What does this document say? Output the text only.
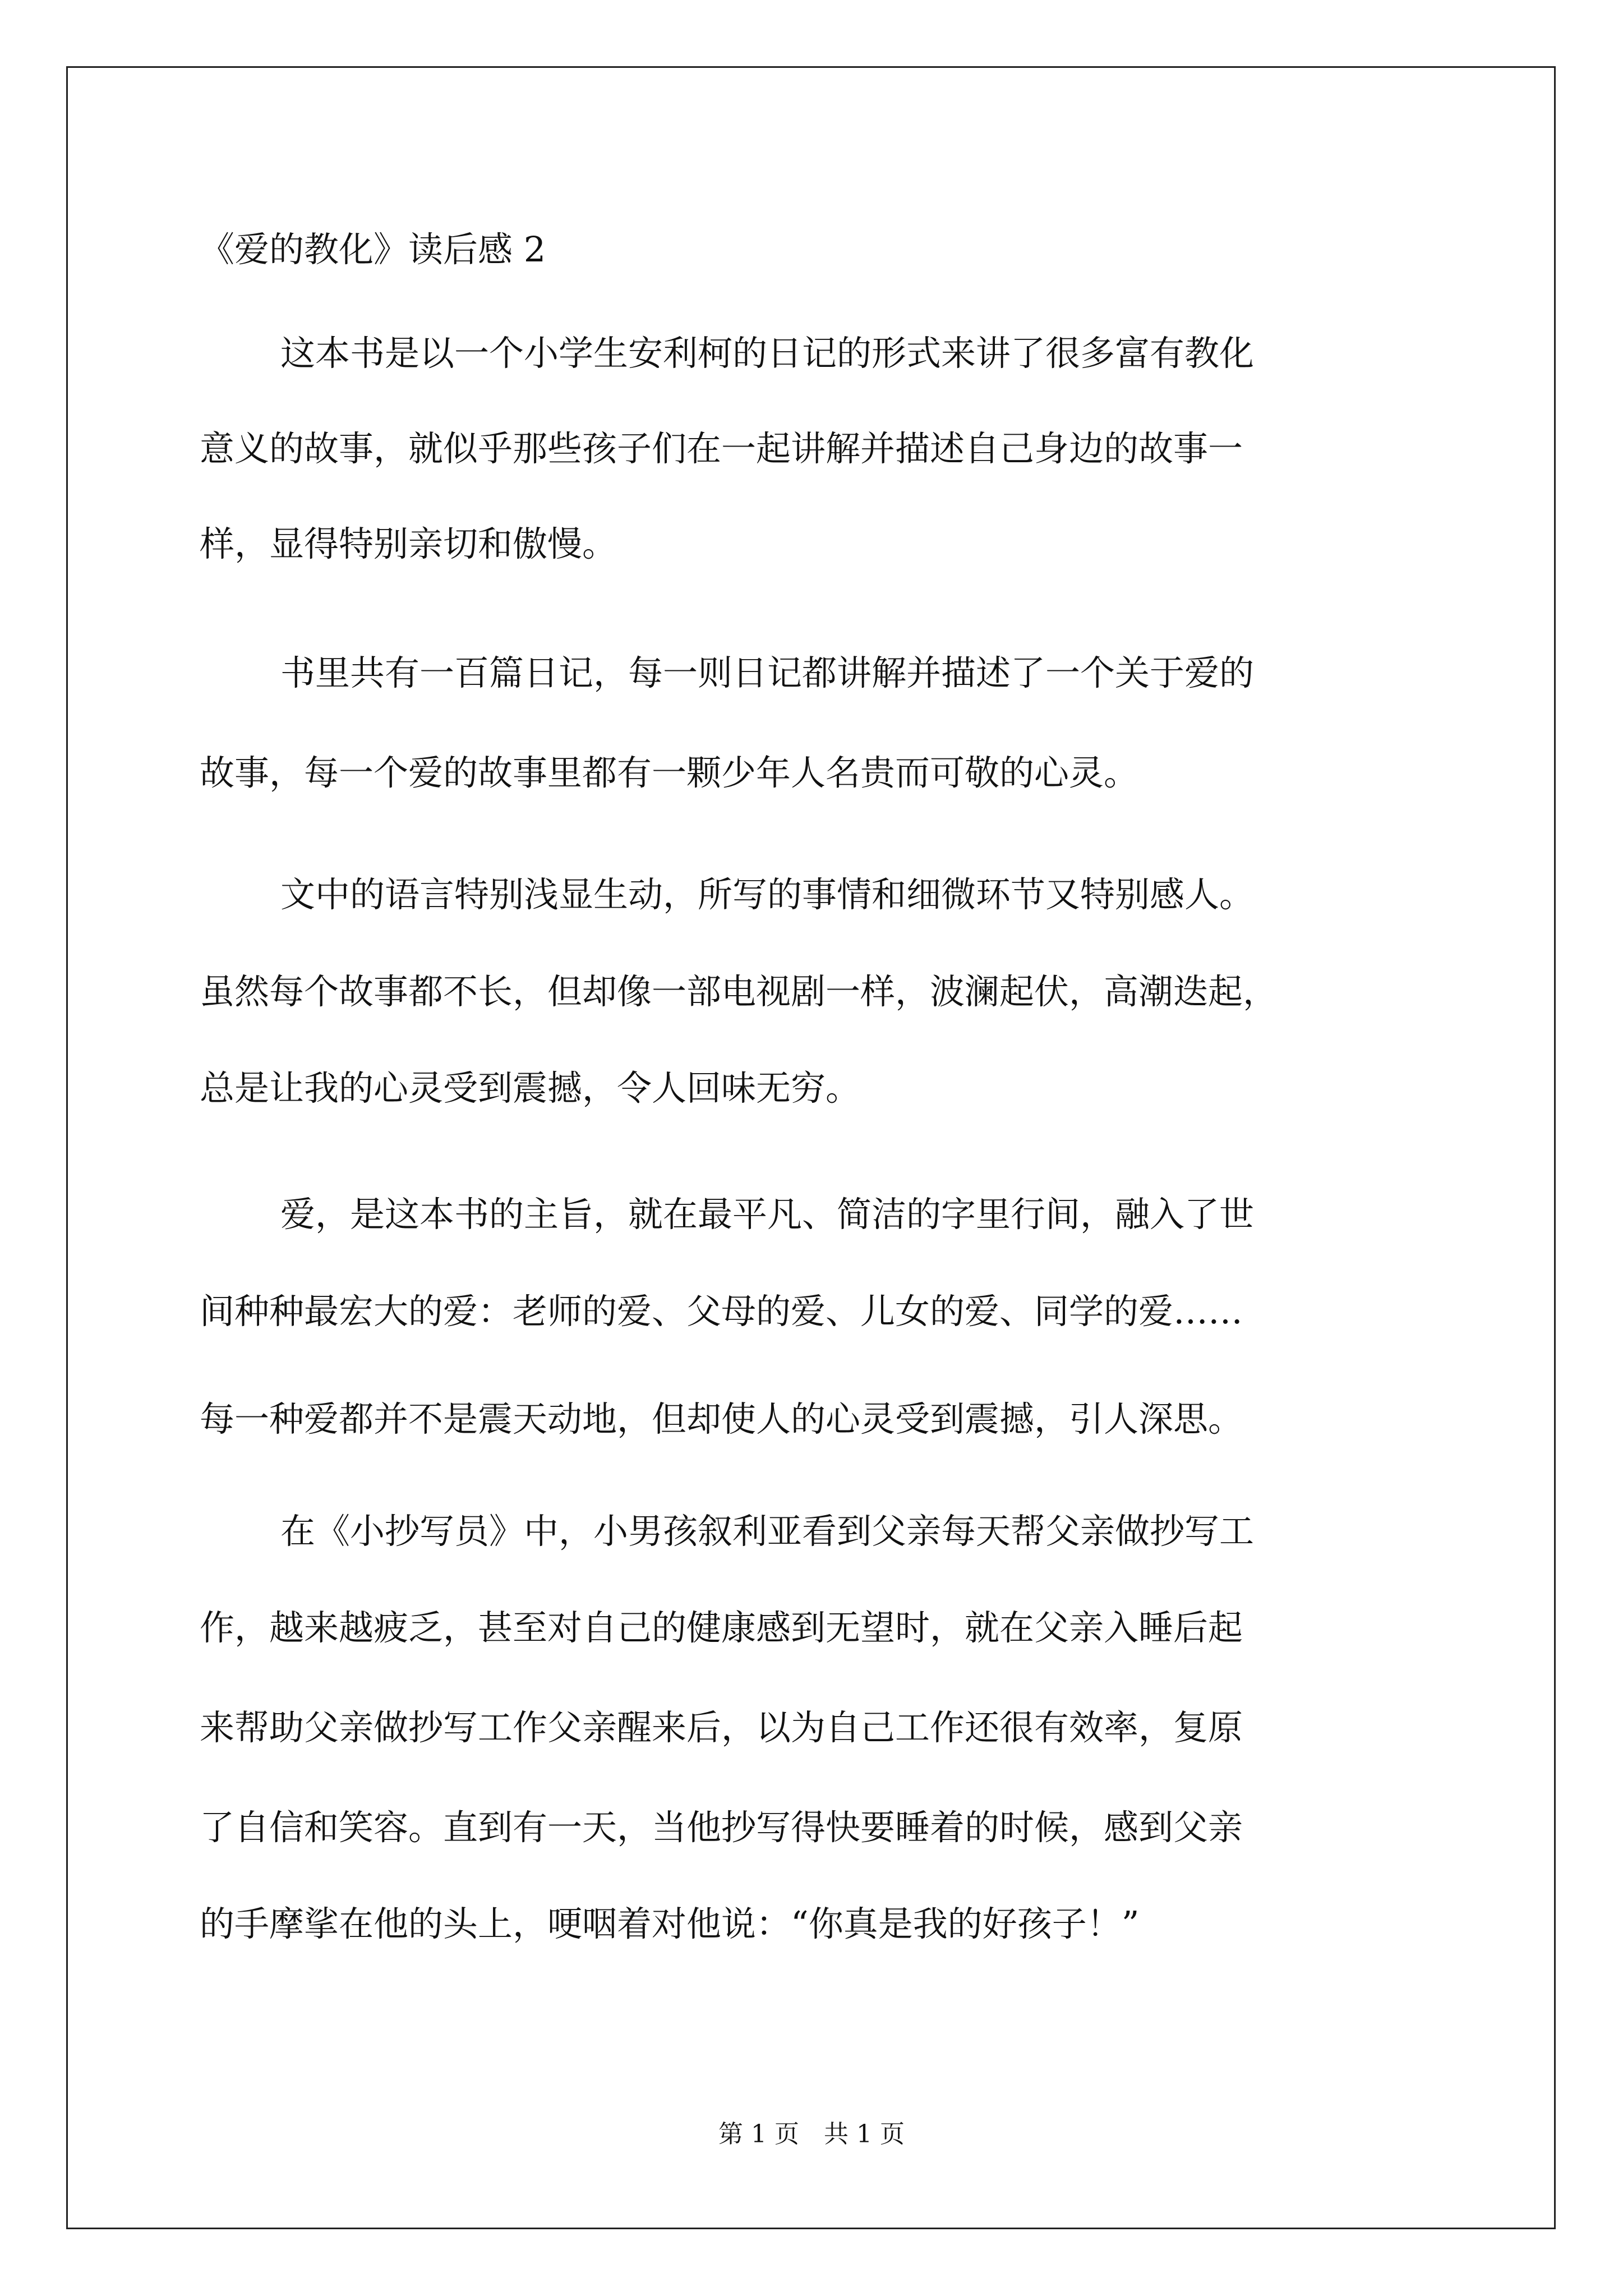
《爱的教化》读后感 2

这本书是以一个小学生安利柯的日记的形式来讲了很多富有教化

意义的故事，就似乎那些孩子们在一起讲解并描述自己身边的故事一

样，显得特别亲切和傲慢。

书里共有一百篇日记，每一则日记都讲解并描述了一个关于爱的

故事，每一个爱的故事里都有一颗少年人名贵而可敬的心灵。

文中的语言特别浅显生动，所写的事情和细微环节又特别感人。

虽然每个故事都不长，但却像一部电视剧一样，波澜起伏，高潮迭起，

总是让我的心灵受到震撼，令人回味无穷。

爱，是这本书的主旨，就在最平凡、简洁的字里行间，融入了世

间种种最宏大的爱：老师的爱、父母的爱、儿女的爱、同学的爱……

每一种爱都并不是震天动地，但却使人的心灵受到震撼，引人深思。

在《小抄写员》中，小男孩叙利亚看到父亲每天帮父亲做抄写工

作，越来越疲乏，甚至对自己的健康感到无望时，就在父亲入睡后起

来帮助父亲做抄写工作父亲醒来后，以为自己工作还很有效率，复原

了自信和笑容。直到有一天，当他抄写得快要睡着的时候，感到父亲

的手摩挲在他的头上，哽咽着对他说：“你真是我的好孩子！”

第 1 页　共 1 页
